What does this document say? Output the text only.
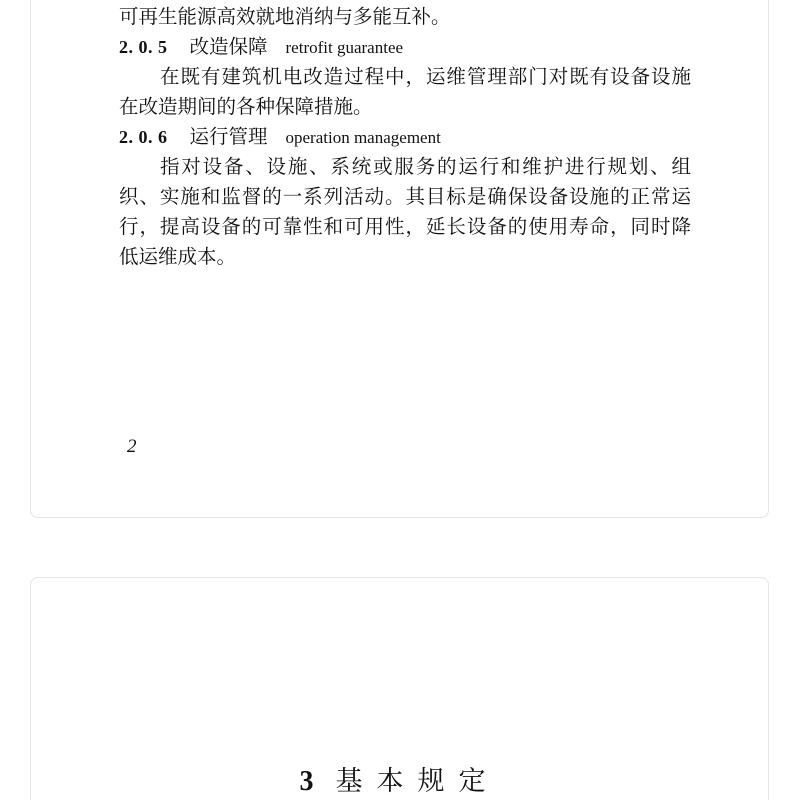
可再生能源高效就地消纳与多能互补。
2. 0. 5 改造保障 retrofit guarantee
在既有建筑机电改造过程中，运维管理部门对既有设备设施
在改造期间的各种保障措施。
2. 0. 6 运行管理 operation management
指对设备、设施、系统或服务的运行和维护进行规划、组
织、实施和监督的一系列活动。其目标是确保设备设施的正常运
行，提高设备的可靠性和可用性，延长设备的使用寿命，同时降
低运维成本。
2
3 基本规定
